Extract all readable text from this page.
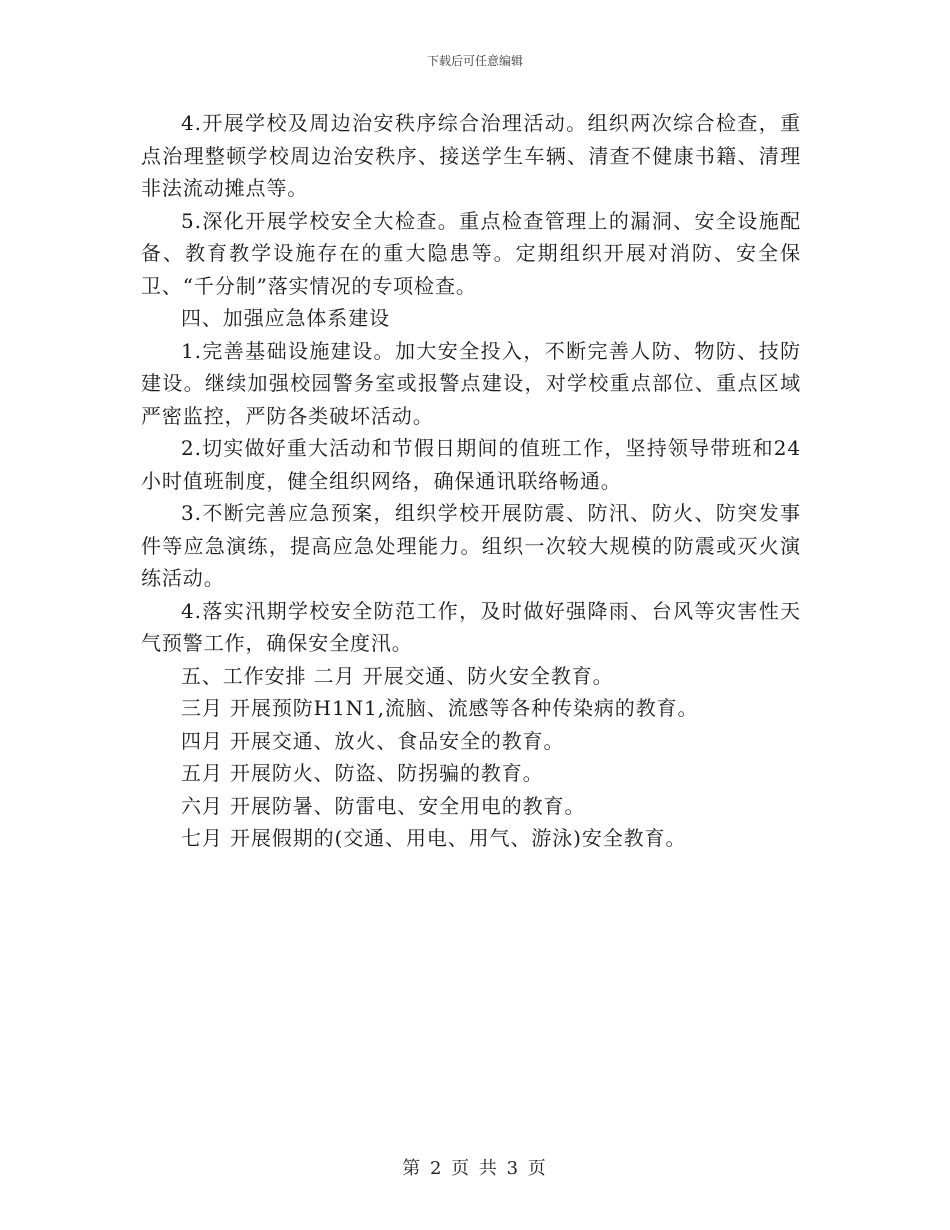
下载后可任意编辑

4.开展学校及周边治安秩序综合治理活动。组织两次综合检查，重点治理整顿学校周边治安秩序、接送学生车辆、清查不健康书籍、清理非法流动摊点等。

5.深化开展学校安全大检查。重点检查管理上的漏洞、安全设施配备、教育教学设施存在的重大隐患等。定期组织开展对消防、安全保卫、“千分制”落实情况的专项检查。

四、加强应急体系建设

1.完善基础设施建设。加大安全投入，不断完善人防、物防、技防建设。继续加强校园警务室或报警点建设，对学校重点部位、重点区域严密监控，严防各类破坏活动。

2.切实做好重大活动和节假日期间的值班工作，坚持领导带班和24小时值班制度，健全组织网络，确保通讯联络畅通。

3.不断完善应急预案，组织学校开展防震、防汛、防火、防突发事件等应急演练，提高应急处理能力。组织一次较大规模的防震或灭火演练活动。

4.落实汛期学校安全防范工作，及时做好强降雨、台风等灾害性天气预警工作，确保安全度汛。

五、工作安排 二月 开展交通、防火安全教育。

三月 开展预防H1N1,流脑、流感等各种传染病的教育。

四月 开展交通、放火、食品安全的教育。

五月 开展防火、防盗、防拐骗的教育。

六月 开展防暑、防雷电、安全用电的教育。

七月 开展假期的(交通、用电、用气、游泳)安全教育。

第 2 页 共 3 页
